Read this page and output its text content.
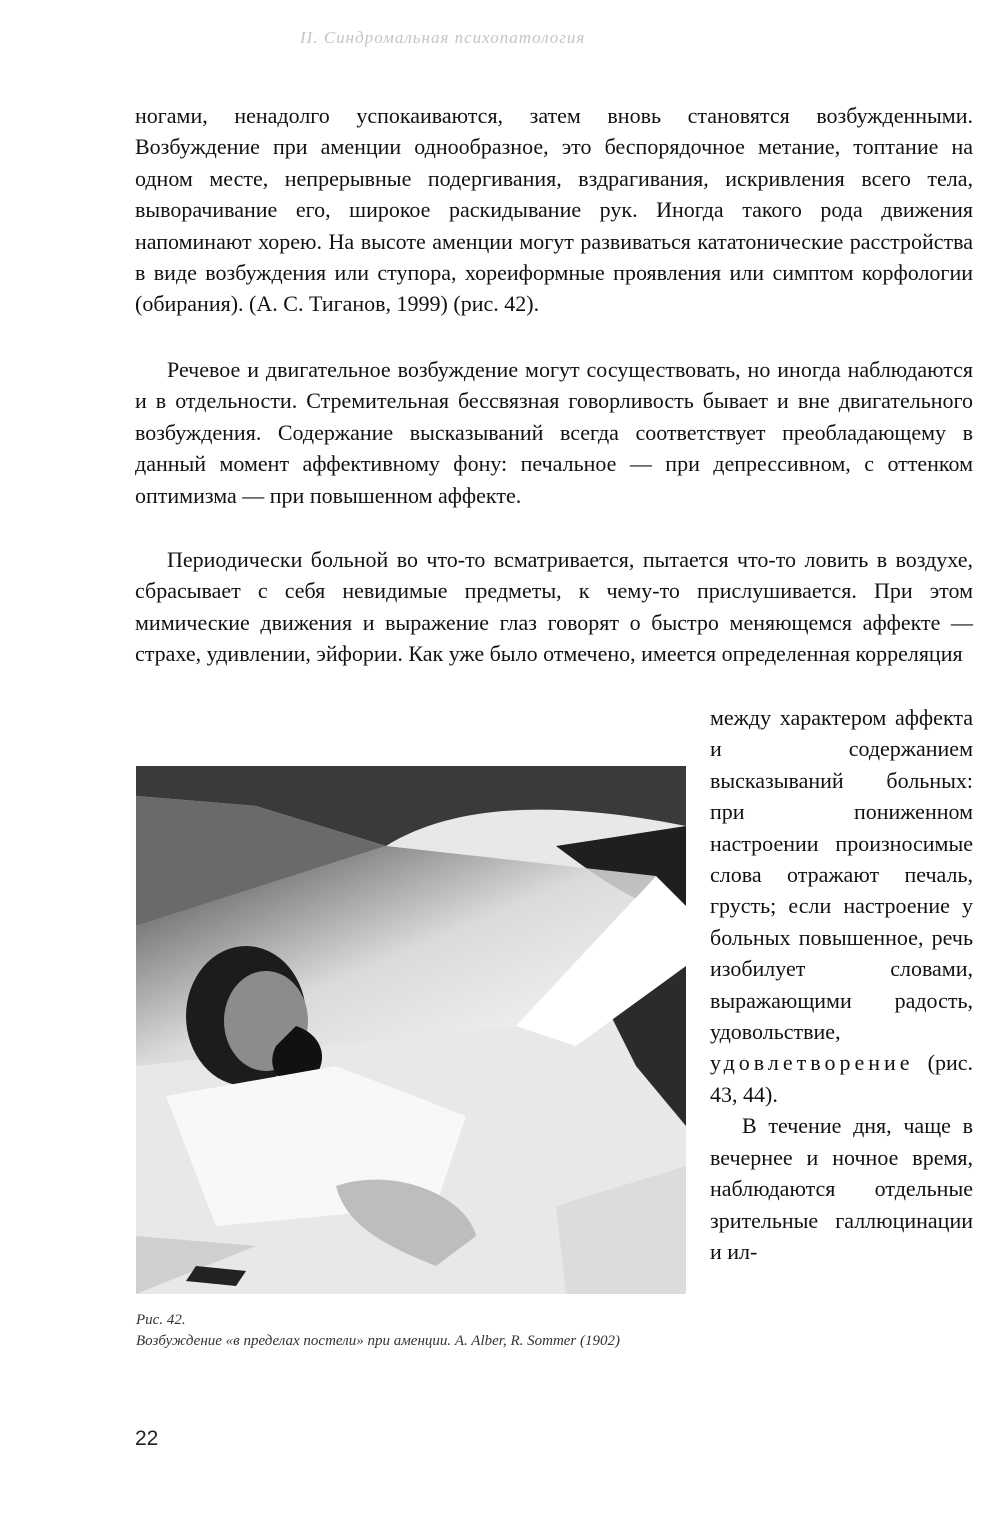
II. Синдромальная психопатология

ногами, ненадолго успокаиваются, затем вновь становятся возбужденными. Возбуждение при аменции однообразное, это беспорядочное метание, топтание на одном месте, непрерывные подергивания, вздрагивания, искривления всего тела, выворачивание его, широкое раскидывание рук. Иногда такого рода движения напоминают хорею. На высоте аменции могут развиваться кататонические расстройства в виде возбуждения или ступора, хореиформные проявления или симптом корфологии (обирания). (А. С. Тиганов, 1999) (рис. 42).

Речевое и двигательное возбуждение могут сосуществовать, но иногда наблюдаются и в отдельности. Стремительная бессвязная говорливость бывает и вне двигательного возбуждения. Содержание высказываний всегда соответствует преобладающему в данный момент аффективному фону: печальное — при депрессивном, с оттенком оптимизма — при повышенном аффекте.

Периодически больной во что-то всматривается, пытается что-то ловить в воздухе, сбрасывает с себя невидимые предметы, к чему-то прислушивается. При этом мимические движения и выражение глаз говорят о быстро меняющемся аффекте — страхе, удивлении, эйфории. Как уже было отмечено, имеется определенная корреляция

между характером аффекта и содержанием высказываний больных: при пониженном настроении произносимые слова отражают печаль, грусть; если настроение у больных повышенное, речь изобилует словами, выражающими радость, удовольствие, удовлетворение (рис. 43, 44).

В течение дня, чаще в вечернее и ночное время, наблюдаются отдельные зрительные галлюцинации и ил-

Рис. 42.
Возбуждение «в пределах постели» при аменции. A. Alber, R. Sommer (1902)
22
